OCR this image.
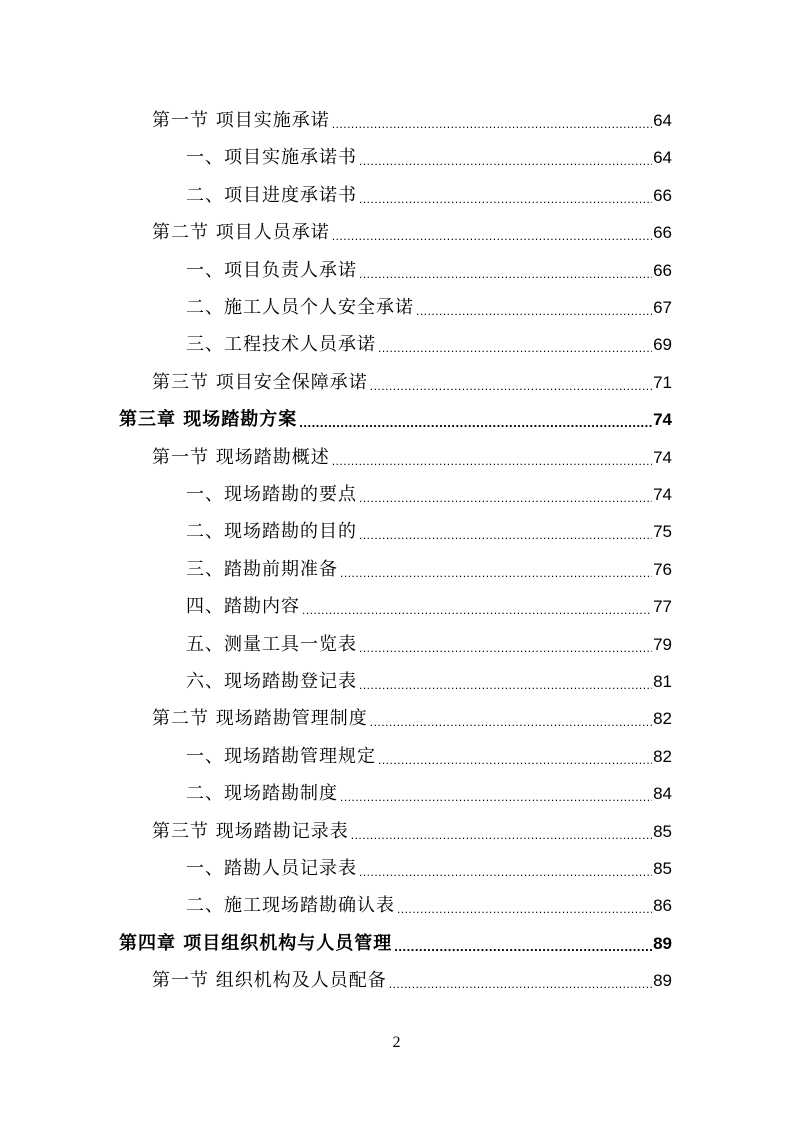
第一节 项目实施承诺 .....	64
一、项目实施承诺书 .....	64
二、项目进度承诺书 .....	66
第二节 项目人员承诺 .....	66
一、项目负责人承诺 .....	66
二、施工人员个人安全承诺 .....	67
三、工程技术人员承诺 .....	69
第三节 项目安全保障承诺 .....	71
第三章 现场踏勘方案 .....	74
第一节 现场踏勘概述 .....	74
一、现场踏勘的要点 .....	74
二、现场踏勘的目的 .....	75
三、踏勘前期准备 .....	76
四、踏勘内容 .....	77
五、测量工具一览表 .....	79
六、现场踏勘登记表 .....	81
第二节 现场踏勘管理制度 .....	82
一、现场踏勘管理规定 .....	82
二、现场踏勘制度 .....	84
第三节 现场踏勘记录表 .....	85
一、踏勘人员记录表 .....	85
二、施工现场踏勘确认表 .....	86
第四章 项目组织机构与人员管理 .....	89
第一节 组织机构及人员配备 .....	89
2
